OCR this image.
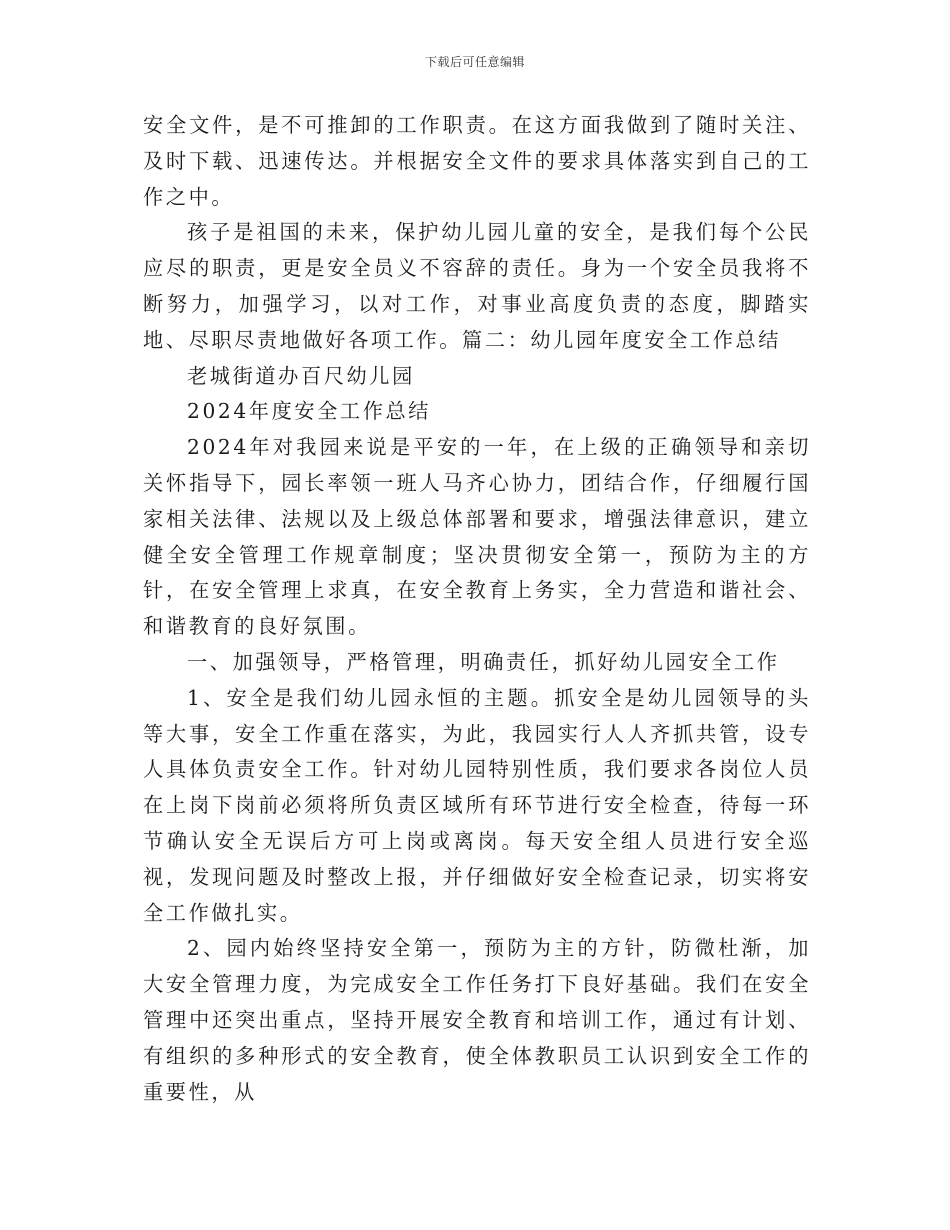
下载后可任意编辑

安全文件，是不可推卸的工作职责。在这方面我做到了随时关注、及时下载、迅速传达。并根据安全文件的要求具体落实到自己的工作之中。

孩子是祖国的未来，保护幼儿园儿童的安全，是我们每个公民应尽的职责，更是安全员义不容辞的责任。身为一个安全员我将不断努力，加强学习，以对工作，对事业高度负责的态度，脚踏实地、尽职尽责地做好各项工作。篇二：幼儿园年度安全工作总结

老城街道办百尺幼儿园

2024年度安全工作总结

2024年对我园来说是平安的一年，在上级的正确领导和亲切关怀指导下，园长率领一班人马齐心协力，团结合作，仔细履行国家相关法律、法规以及上级总体部署和要求，增强法律意识，建立健全安全管理工作规章制度；坚决贯彻安全第一，预防为主的方针，在安全管理上求真，在安全教育上务实，全力营造和谐社会、和谐教育的良好氛围。

一、加强领导，严格管理，明确责任，抓好幼儿园安全工作

1、安全是我们幼儿园永恒的主题。抓安全是幼儿园领导的头等大事，安全工作重在落实，为此，我园实行人人齐抓共管，设专人具体负责安全工作。针对幼儿园特别性质，我们要求各岗位人员在上岗下岗前必须将所负责区域所有环节进行安全检查，待每一环节确认安全无误后方可上岗或离岗。每天安全组人员进行安全巡视，发现问题及时整改上报，并仔细做好安全检查记录，切实将安全工作做扎实。

2、园内始终坚持安全第一，预防为主的方针，防微杜渐，加大安全管理力度，为完成安全工作任务打下良好基础。我们在安全管理中还突出重点，坚持开展安全教育和培训工作，通过有计划、有组织的多种形式的安全教育，使全体教职员工认识到安全工作的重要性，从
